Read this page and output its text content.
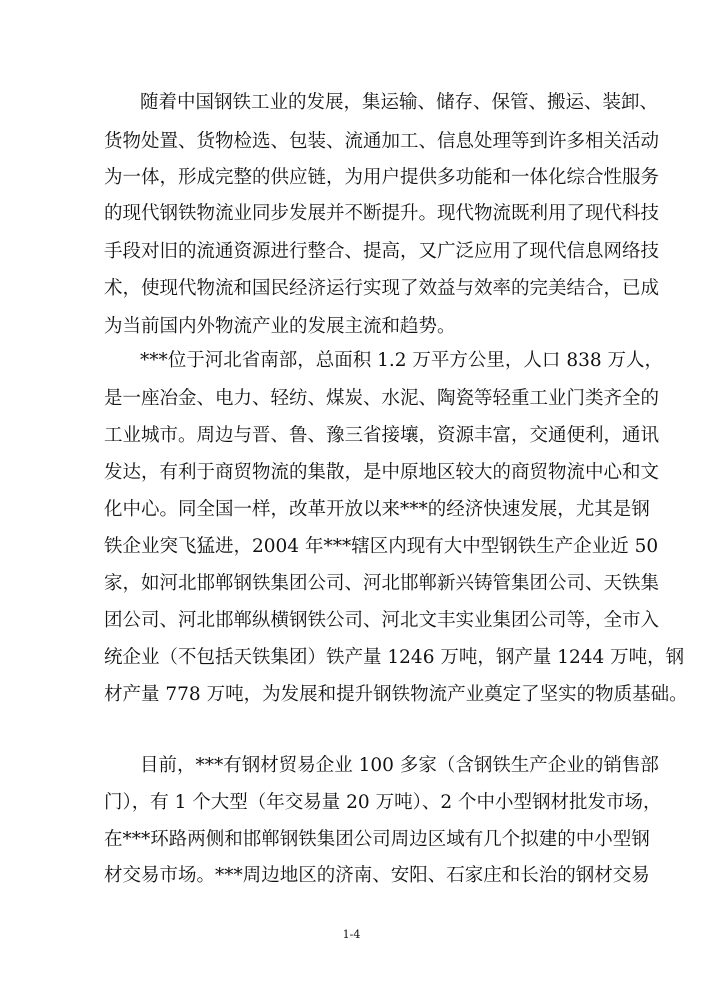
随着中国钢铁工业的发展，集运输、储存、保管、搬运、装卸、
货物处置、货物检选、包装、流通加工、信息处理等到许多相关活动
为一体，形成完整的供应链，为用户提供多功能和一体化综合性服务
的现代钢铁物流业同步发展并不断提升。现代物流既利用了现代科技
手段对旧的流通资源进行整合、提高，又广泛应用了现代信息网络技
术，使现代物流和国民经济运行实现了效益与效率的完美结合，已成
为当前国内外物流产业的发展主流和趋势。
***位于河北省南部，总面积 1.2 万平方公里，人口 838 万人，
是一座冶金、电力、轻纺、煤炭、水泥、陶瓷等轻重工业门类齐全的
工业城市。周边与晋、鲁、豫三省接壤，资源丰富，交通便利，通讯
发达，有利于商贸物流的集散，是中原地区较大的商贸物流中心和文
化中心。同全国一样，改革开放以来***的经济快速发展，尤其是钢
铁企业突飞猛进，2004 年***辖区内现有大中型钢铁生产企业近 50
家，如河北邯郸钢铁集团公司、河北邯郸新兴铸管集团公司、天铁集
团公司、河北邯郸纵横钢铁公司、河北文丰实业集团公司等，全市入
统企业（不包括天铁集团）铁产量 1246 万吨，钢产量 1244 万吨，钢
材产量 778 万吨，为发展和提升钢铁物流产业奠定了坚实的物质基础。
目前，***有钢材贸易企业 100 多家（含钢铁生产企业的销售部
门），有 1 个大型（年交易量 20 万吨）、2 个中小型钢材批发市场，
在***环路两侧和邯郸钢铁集团公司周边区域有几个拟建的中小型钢
材交易市场。***周边地区的济南、安阳、石家庄和长治的钢材交易
1-4
